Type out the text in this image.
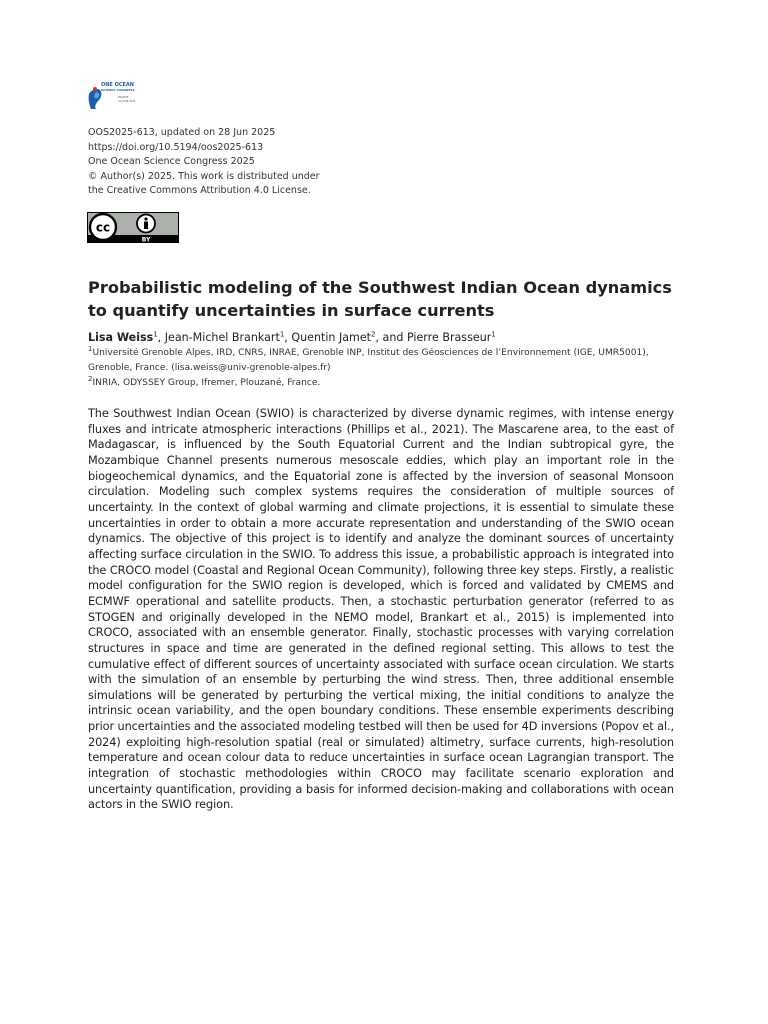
ONE OCEAN
SCIENCE CONGRESS
FRANCE
3-6 JUNE 2025
OOS2025-613, updated on 28 Jun 2025
https://doi.org/10.5194/oos2025-613
One Ocean Science Congress 2025
© Author(s) 2025. This work is distributed under
the Creative Commons Attribution 4.0 License.
cc
BY
Probabilistic modeling of the Southwest Indian Ocean dynamics to quantify uncertainties in surface currents
Lisa Weiss$^1$, Jean-Michel Brankart$^1$, Quentin Jamet$^2$, and Pierre Brasseur$^1$
$^1$Université Grenoble Alpes, IRD, CNRS, INRAE, Grenoble INP, Institut des Géosciences de l’Environnement (IGE, UMR5001),
Grenoble, France. (lisa.weiss@univ-grenoble-alpes.fr)
$^2$INRIA, ODYSSEY Group, Ifremer, Plouzané, France.

The Southwest Indian Ocean (SWIO) is characterized by diverse dynamic regimes, with intense energy fluxes and intricate atmospheric interactions (Phillips et al., 2021). The Mascarene area, to the east of Madagascar, is influenced by the South Equatorial Current and the Indian subtropical gyre, the Mozambique Channel presents numerous mesoscale eddies, which play an important role in the biogeochemical dynamics, and the Equatorial zone is affected by the inversion of seasonal Monsoon circulation. Modeling such complex systems requires the consideration of multiple sources of uncertainty. In the context of global warming and climate projections, it is essential to simulate these uncertainties in order to obtain a more accurate representation and understanding of the SWIO ocean dynamics. The objective of this project is to identify and analyze the dominant sources of uncertainty affecting surface circulation in the SWIO. To address this issue, a probabilistic approach is integrated into the CROCO model (Coastal and Regional Ocean Community), following three key steps. Firstly, a realistic model configuration for the SWIO region is developed, which is forced and validated by CMEMS and ECMWF operational and satellite products. Then, a stochastic perturbation generator (referred to as STOGEN and originally developed in the NEMO model, Brankart et al., 2015) is implemented into CROCO, associated with an ensemble generator. Finally, stochastic processes with varying correlation structures in space and time are generated in the defined regional setting. This allows to test the cumulative effect of different sources of uncertainty associated with surface ocean circulation. We starts with the simulation of an ensemble by perturbing the wind stress. Then, three additional ensemble simulations will be generated by perturbing the vertical mixing, the initial conditions to analyze the intrinsic ocean variability, and the open boundary conditions. These ensemble experiments describing prior uncertainties and the associated modeling testbed will then be used for 4D inversions (Popov et al., 2024) exploiting high-resolution spatial (real or simulated) altimetry, surface currents, high-resolution temperature and ocean colour data to reduce uncertainties in surface ocean Lagrangian transport. The integration of stochastic methodologies within CROCO may facilitate scenario exploration and uncertainty quantification, providing a basis for informed decision-making and collaborations with ocean actors in the SWIO region.
